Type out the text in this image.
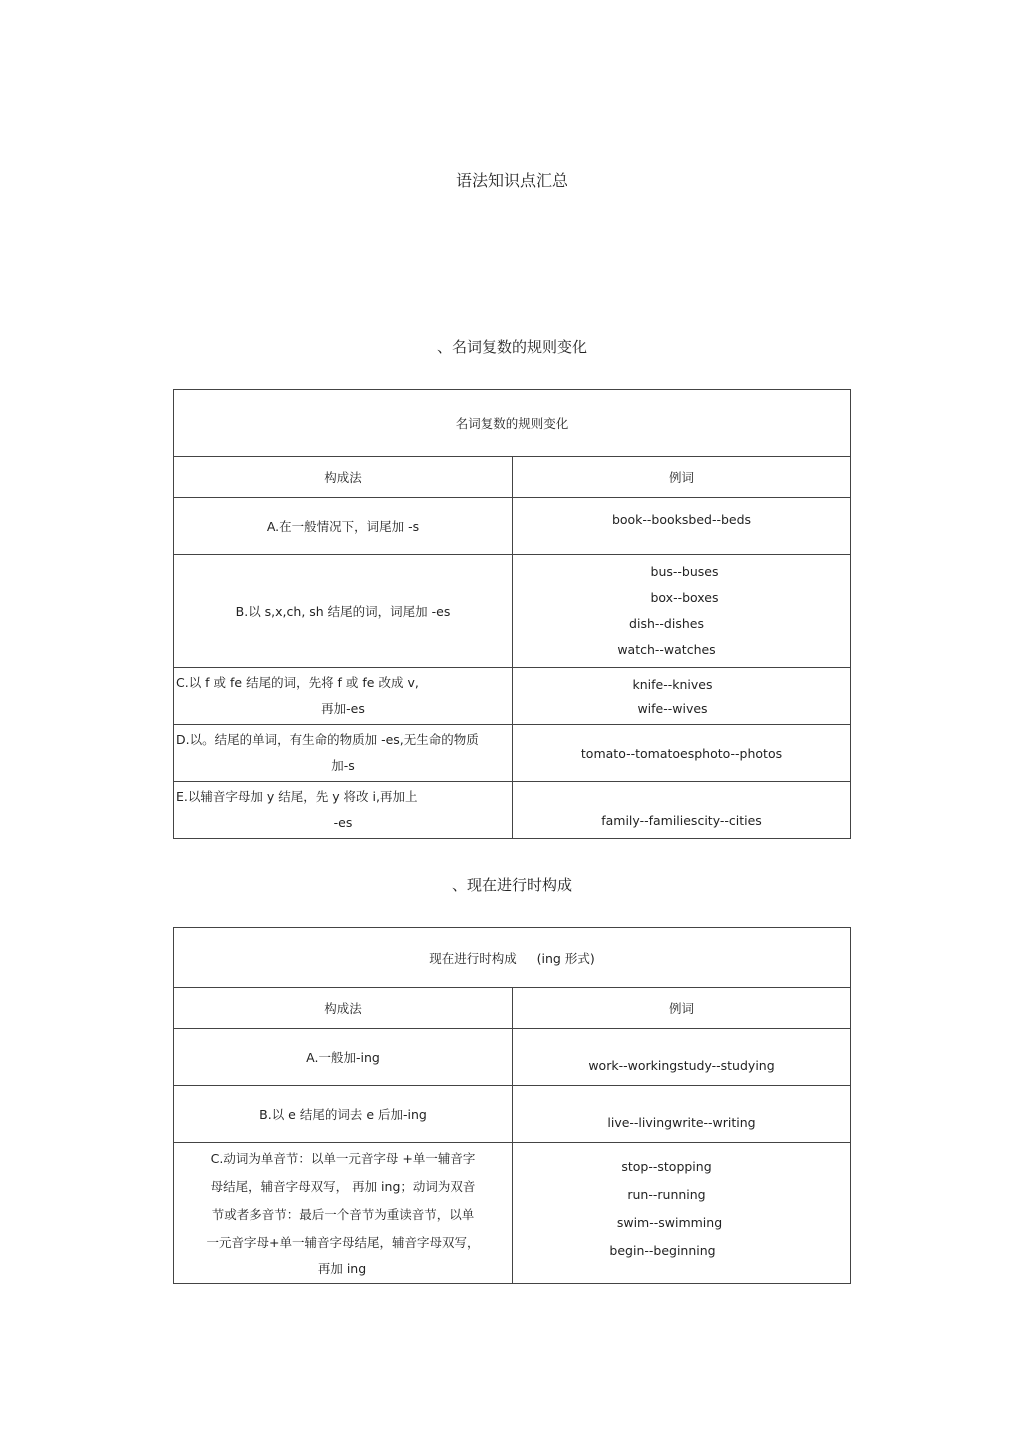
语法知识点汇总
、名词复数的规则变化
名词复数的规则变化	
构成法	例词
A.在一般情况下，词尾加 -s	book--booksbed--beds
B.以 s,x,ch, sh 结尾的词，词尾加 -es	bus--buses
box--boxes
dish--dishes
watch--watches

C.以 f 或 fe 结尾的词，先将 f 或 fe 改成 v,
再加-es	knife--knives
wife--wives

D.以。结尾的单词，有生命的物质加 -es,无生命的物质
加-s	tomato--tomatoesphoto--photos

E.以辅音字母加 y 结尾，先 y 将改 i,再加上
-es	family--familiescity--cities
、现在进行时构成
现在进行时构成     (ing 形式)	
构成法	例词
A.一般加-ing	work--workingstudy--studying
B.以 e 结尾的词去 e 后加-ing	live--livingwrite--writing

C.动词为单音节：以单一元音字母 +单一辅音字
母结尾，辅音字母双写， 再加 ing；动词为双音
节或者多音节：最后一个音节为重读音节，以单
一元音字母+单一辅音字母结尾，辅音字母双写，
再加 ing	stop--stopping
run--running
swim--swimming
begin--beginning
